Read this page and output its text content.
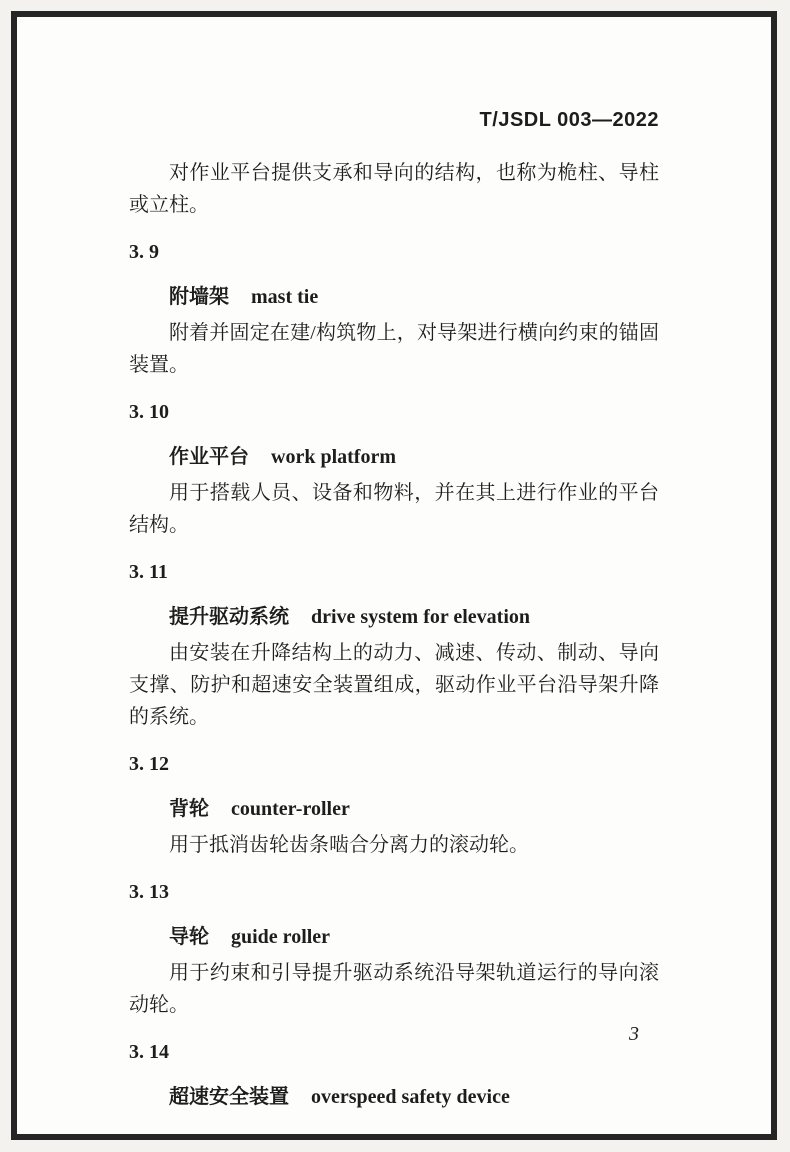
T/JSDL 003—2022

对作业平台提供支承和导向的结构，也称为桅柱、导柱或立柱。

3. 9
附墙架 mast tie

附着并固定在建/构筑物上，对导架进行横向约束的锚固装置。

3. 10
作业平台 work platform

用于搭载人员、设备和物料，并在其上进行作业的平台结构。

3. 11
提升驱动系统 drive system for elevation

由安装在升降结构上的动力、减速、传动、制动、导向支撑、防护和超速安全装置组成，驱动作业平台沿导架升降的系统。

3. 12
背轮 counter-roller

用于抵消齿轮齿条啮合分离力的滚动轮。

3. 13
导轮 guide roller

用于约束和引导提升驱动系统沿导架轨道运行的导向滚动轮。

3. 14
超速安全装置 overspeed safety device
3
